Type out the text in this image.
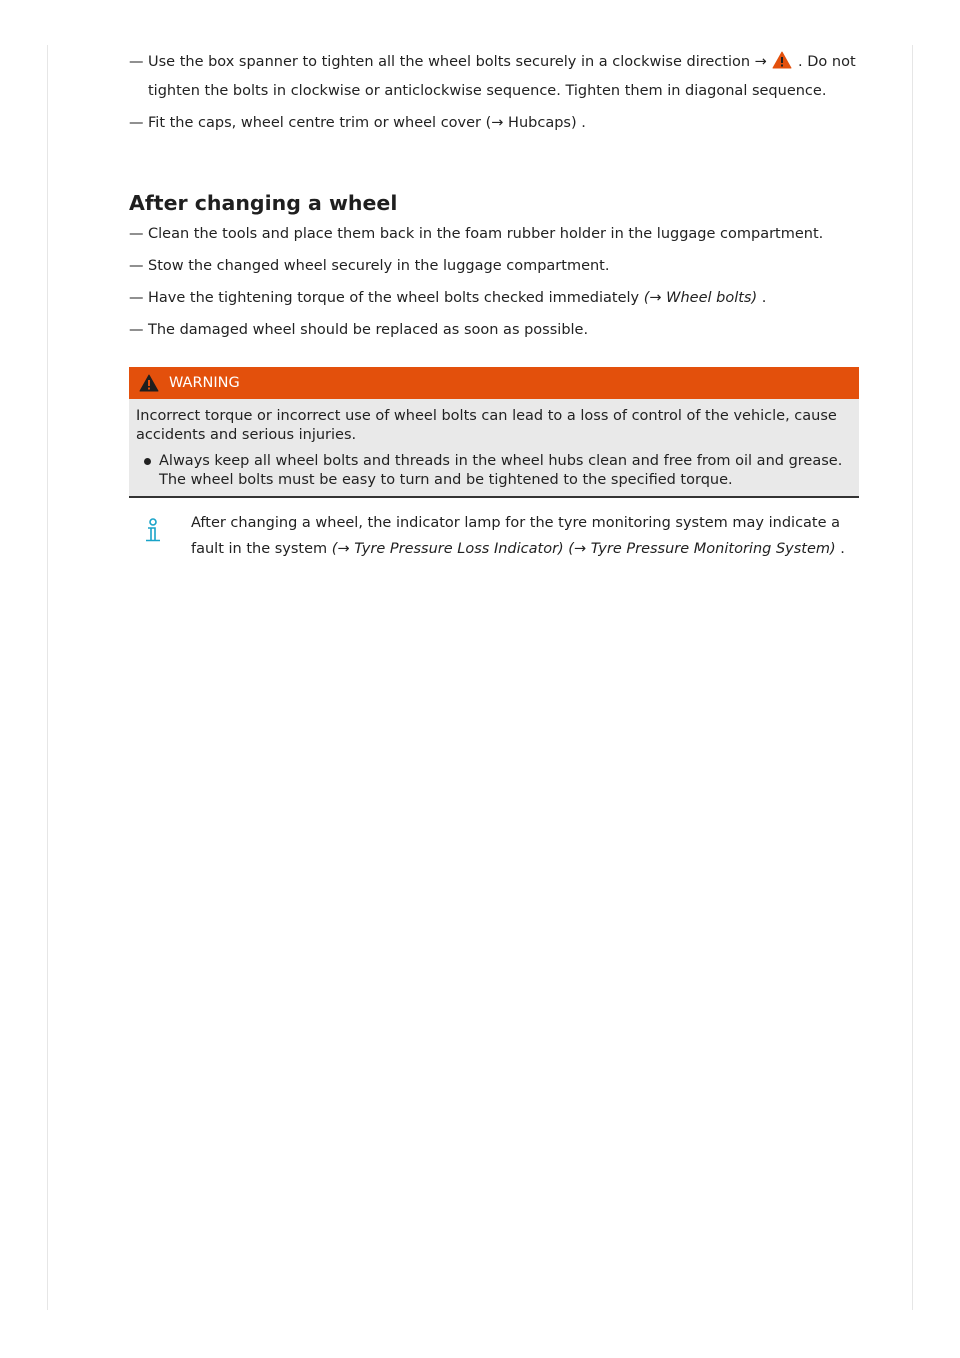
— Use the box spanner to tighten all the wheel bolts securely in a clockwise direction →  . Do not tighten the bolts in clockwise or anticlockwise sequence. Tighten them in diagonal sequence.
— Fit the caps, wheel centre trim or wheel cover (→ Hubcaps) .
After changing a wheel
— Clean the tools and place them back in the foam rubber holder in the luggage compartment.
— Stow the changed wheel securely in the luggage compartment.
— Have the tightening torque of the wheel bolts checked immediately (→ Wheel bolts) .
— The damaged wheel should be replaced as soon as possible.
WARNING
Incorrect torque or incorrect use of wheel bolts can lead to a loss of control of the vehicle, cause accidents and serious injuries.
Always keep all wheel bolts and threads in the wheel hubs clean and free from oil and grease. The wheel bolts must be easy to turn and be tightened to the specified torque.
After changing a wheel, the indicator lamp for the tyre monitoring system may indicate a fault in the system (→ Tyre Pressure Loss Indicator) (→ Tyre Pressure Monitoring System) .
